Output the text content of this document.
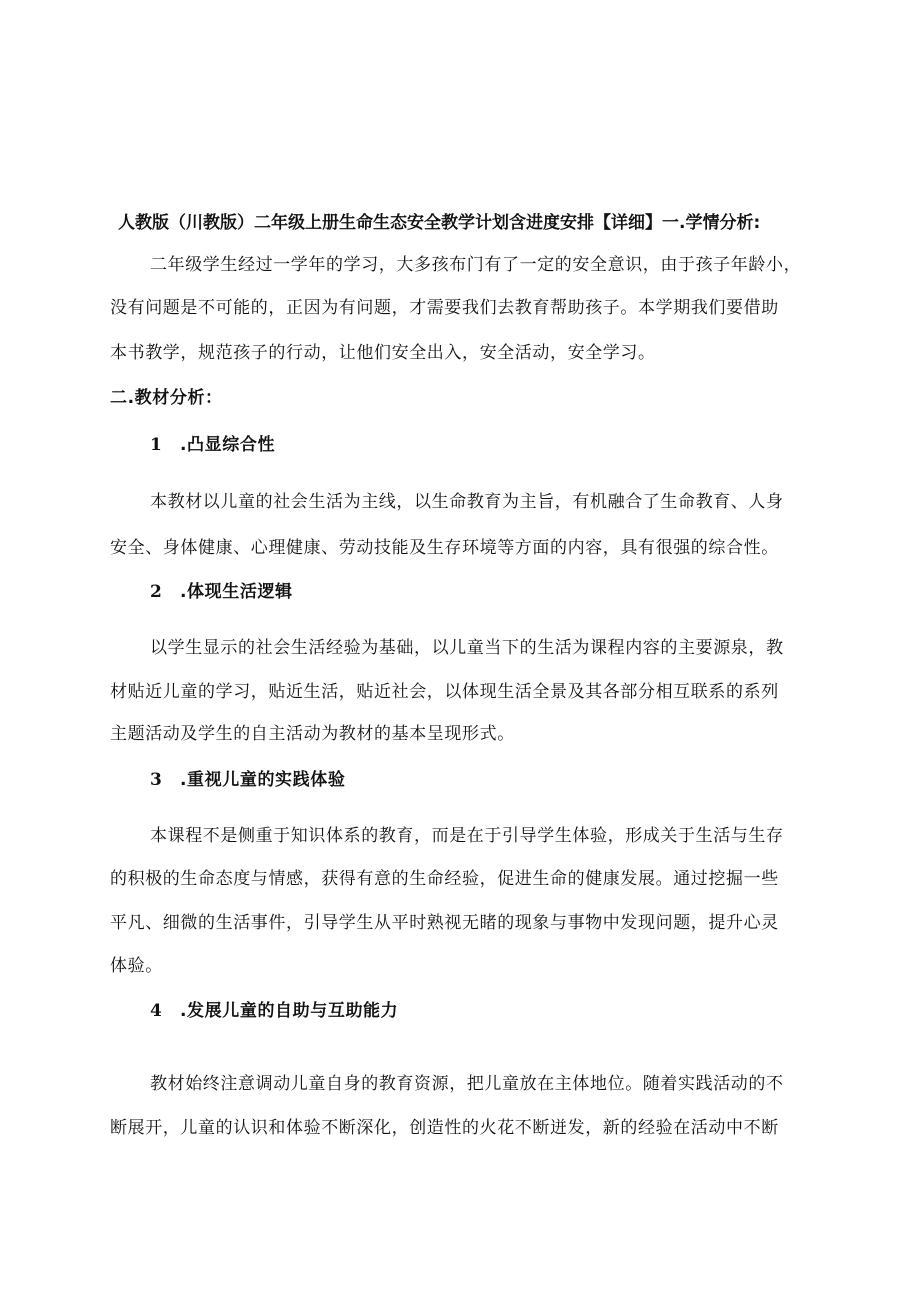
人教版（川教版）二年级上册生命生态安全教学计划含进度安排【详细】一.学情分析:
二年级学生经过一学年的学习，大多孩布门有了一定的安全意识，由于孩子年龄小，
没有问题是不可能的，正因为有问题，才需要我们去教育帮助孩子。本学期我们要借助
本书教学，规范孩子的行动，让他们安全出入，安全活动，安全学习。
二.教材分析：
1 .凸显综合性
本教材以儿童的社会生活为主线，以生命教育为主旨，有机融合了生命教育、人身
安全、身体健康、心理健康、劳动技能及生存环境等方面的内容，具有很强的综合性。
2 .体现生活逻辑
以学生显示的社会生活经验为基础，以儿童当下的生活为课程内容的主要源泉，教
材贴近儿童的学习，贴近生活，贴近社会，以体现生活全景及其各部分相互联系的系列
主题活动及学生的自主活动为教材的基本呈现形式。
3 .重视儿童的实践体验
本课程不是侧重于知识体系的教育，而是在于引导学生体验，形成关于生活与生存
的积极的生命态度与情感，获得有意的生命经验，促进生命的健康发展。通过挖掘一些
平凡、细微的生活事件，引导学生从平时熟视无睹的现象与事物中发现问题，提升心灵
体验。
4 .发展儿童的自助与互助能力
教材始终注意调动儿童自身的教育资源，把儿童放在主体地位。随着实践活动的不
断展开，儿童的认识和体验不断深化，创造性的火花不断迸发，新的经验在活动中不断
